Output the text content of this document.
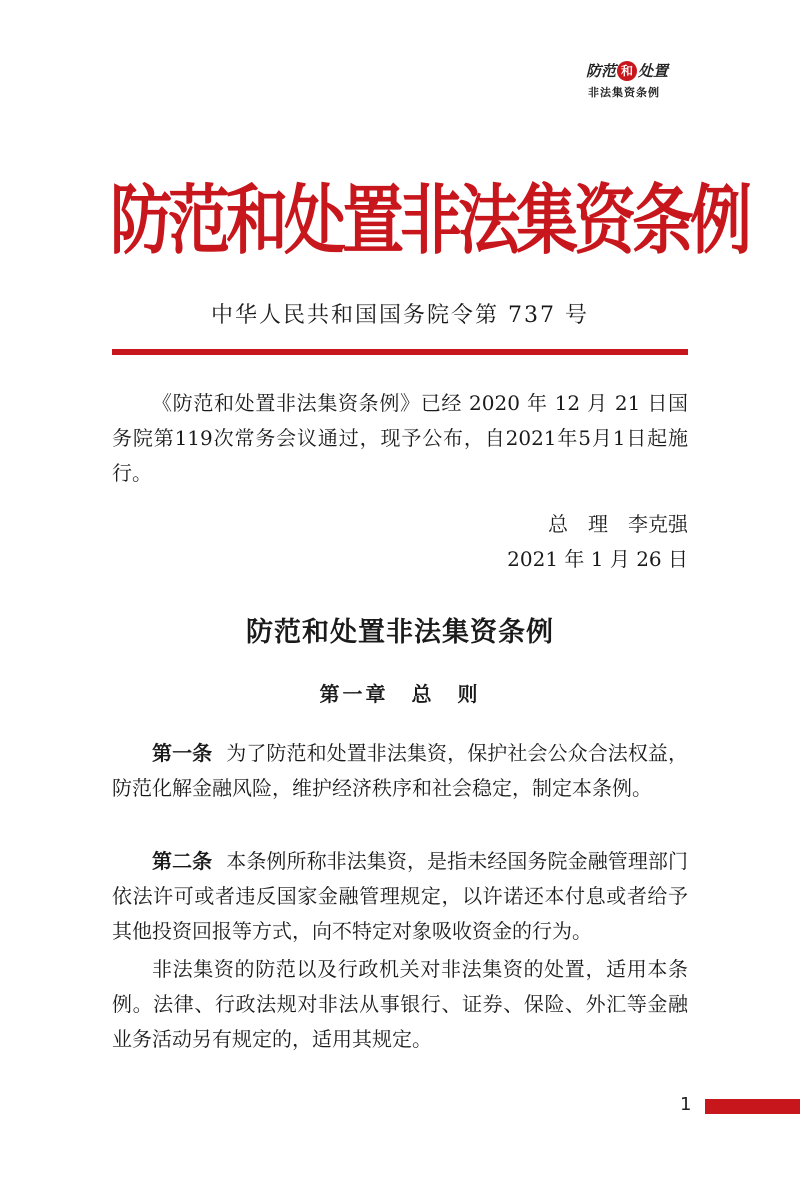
防范 和 处置
非法集资条例
防范和处置非法集资条例
中华人民共和国国务院令第 737 号
《防范和处置非法集资条例》已经 2020 年 12 月 21 日国务院第119次常务会议通过，现予公布，自2021年5月1日起施行。
总　理　李克强
2021 年 1 月 26 日
防范和处置非法集资条例
第一章　总　则
第一条 为了防范和处置非法集资，保护社会公众合法权益，防范化解金融风险，维护经济秩序和社会稳定，制定本条例。
第二条 本条例所称非法集资，是指未经国务院金融管理部门依法许可或者违反国家金融管理规定，以许诺还本付息或者给予其他投资回报等方式，向不特定对象吸收资金的行为。
非法集资的防范以及行政机关对非法集资的处置，适用本条例。法律、行政法规对非法从事银行、证券、保险、外汇等金融业务活动另有规定的，适用其规定。
1
